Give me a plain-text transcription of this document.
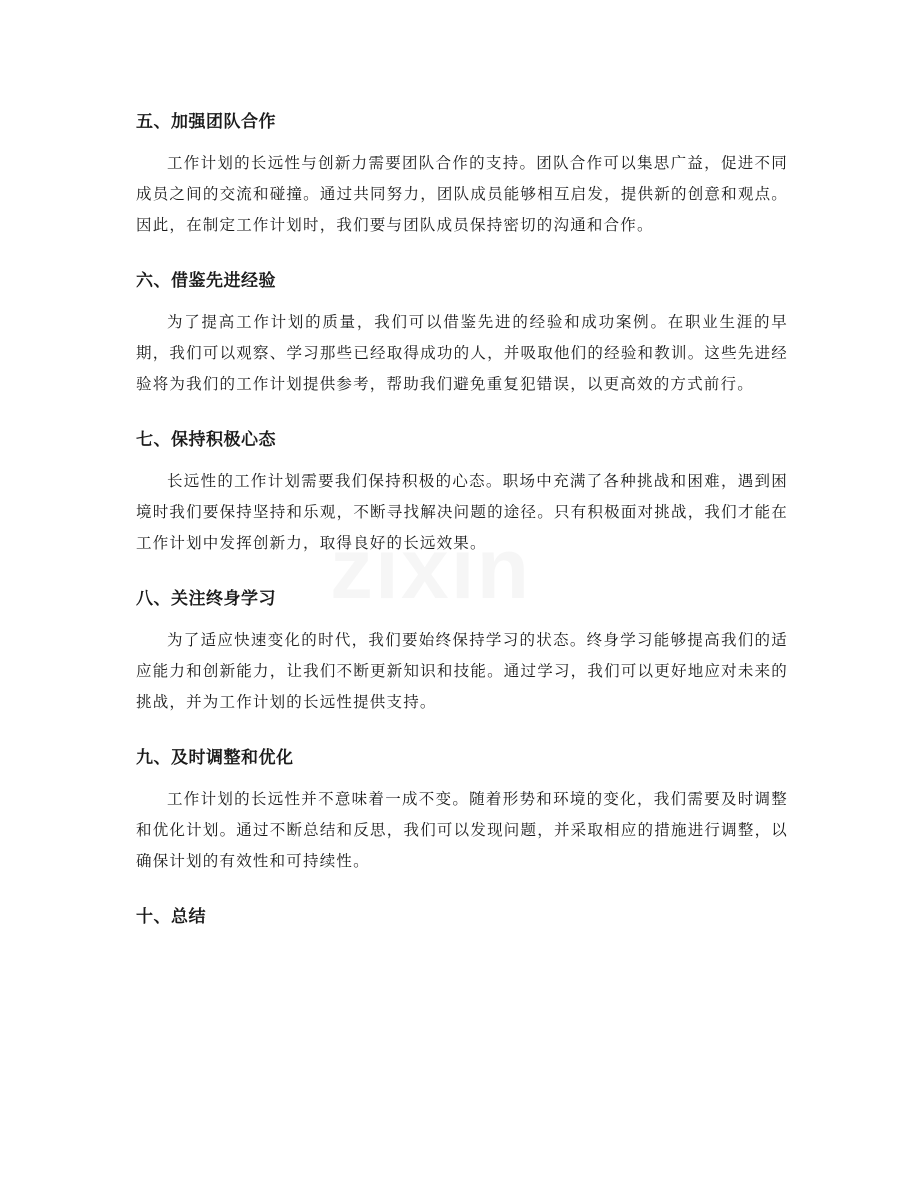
五、加强团队合作

工作计划的长远性与创新力需要团队合作的支持。团队合作可以集思广益，促进不同成员之间的交流和碰撞。通过共同努力，团队成员能够相互启发，提供新的创意和观点。因此，在制定工作计划时，我们要与团队成员保持密切的沟通和合作。

六、借鉴先进经验

为了提高工作计划的质量，我们可以借鉴先进的经验和成功案例。在职业生涯的早期，我们可以观察、学习那些已经取得成功的人，并吸取他们的经验和教训。这些先进经验将为我们的工作计划提供参考，帮助我们避免重复犯错误，以更高效的方式前行。

七、保持积极心态

长远性的工作计划需要我们保持积极的心态。职场中充满了各种挑战和困难，遇到困境时我们要保持坚持和乐观，不断寻找解决问题的途径。只有积极面对挑战，我们才能在工作计划中发挥创新力，取得良好的长远效果。

八、关注终身学习

为了适应快速变化的时代，我们要始终保持学习的状态。终身学习能够提高我们的适应能力和创新能力，让我们不断更新知识和技能。通过学习，我们可以更好地应对未来的挑战，并为工作计划的长远性提供支持。

九、及时调整和优化

工作计划的长远性并不意味着一成不变。随着形势和环境的变化，我们需要及时调整和优化计划。通过不断总结和反思，我们可以发现问题，并采取相应的措施进行调整，以确保计划的有效性和可持续性。

十、总结
